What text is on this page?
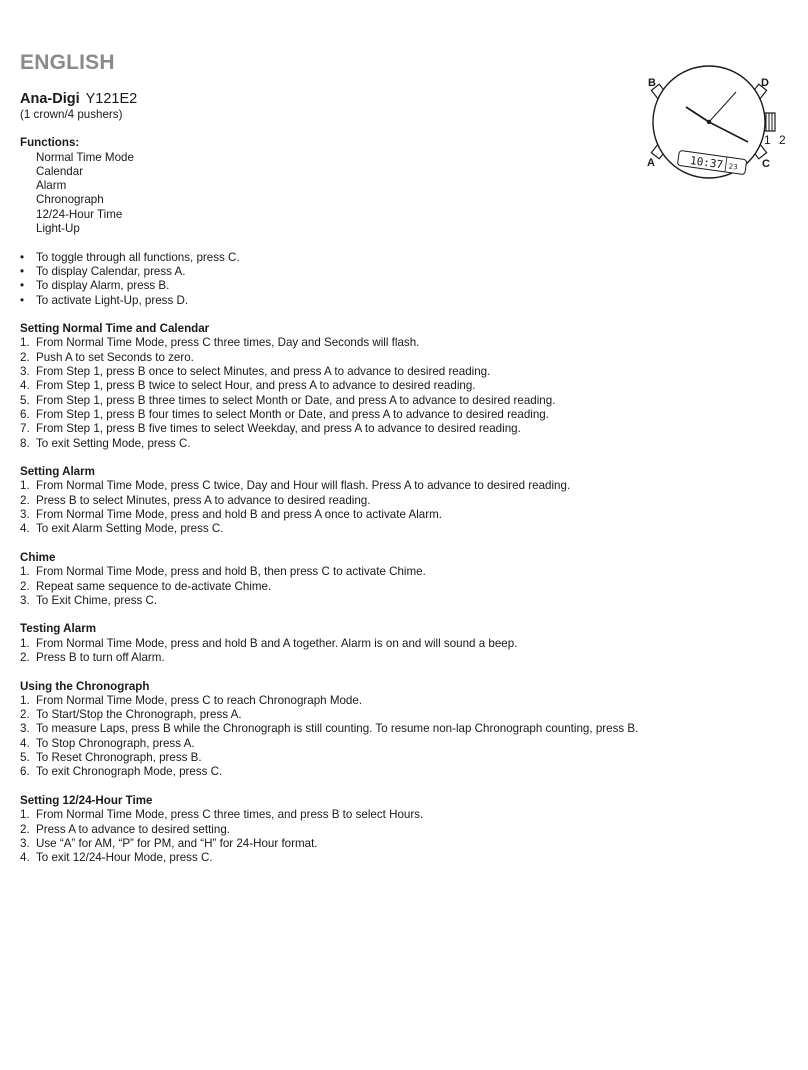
ENGLISH
Ana-Digi Y121E2
(1 crown/4 pushers)
Functions:
Normal Time Mode
Calendar
Alarm
Chronograph
12/24-Hour Time
Light-Up
• To toggle through all functions, press C.
• To display Calendar, press A.
• To display Alarm, press B.
• To activate Light-Up, press D.
Setting Normal Time and Calendar
1. From Normal Time Mode, press C three times, Day and Seconds will flash.
2. Push A to set Seconds to zero.
3. From Step 1, press B once to select Minutes, and press A to advance to desired reading.
4. From Step 1, press B twice to select Hour, and press A to advance to desired reading.
5. From Step 1, press B three times to select Month or Date, and press A to advance to desired reading.
6. From Step 1, press B four times to select Month or Date, and press A to advance to desired reading.
7. From Step 1, press B five times to select Weekday, and press A to advance to desired reading.
8. To exit Setting Mode, press C.
Setting Alarm
1. From Normal Time Mode, press C twice, Day and Hour will flash. Press A to advance to desired reading.
2. Press B to select Minutes, press A to advance to desired reading.
3. From Normal Time Mode, press and hold B and press A once to activate Alarm.
4. To exit Alarm Setting Mode, press C.
Chime
1. From Normal Time Mode, press and hold B, then press C to activate Chime.
2. Repeat same sequence to de-activate Chime.
3. To Exit Chime, press C.
Testing Alarm
1. From Normal Time Mode, press and hold B and A together. Alarm is on and will sound a beep.
2. Press B to turn off Alarm.
Using the Chronograph
1. From Normal Time Mode, press C to reach Chronograph Mode.
2. To Start/Stop the Chronograph, press A.
3. To measure Laps, press B while the Chronograph is still counting. To resume non-lap Chronograph counting, press B.
4. To Stop Chronograph, press A.
5. To Reset Chronograph, press B.
6. To exit Chronograph Mode, press C.
Setting 12/24-Hour Time
1. From Normal Time Mode, press C three times, and press B to select Hours.
2. Press A to advance to desired setting.
3. Use “A” for AM, “P” for PM, and “H” for 24-Hour format.
4. To exit 12/24-Hour Mode, press C.
10:37 23
B	D
A	C
1 2
